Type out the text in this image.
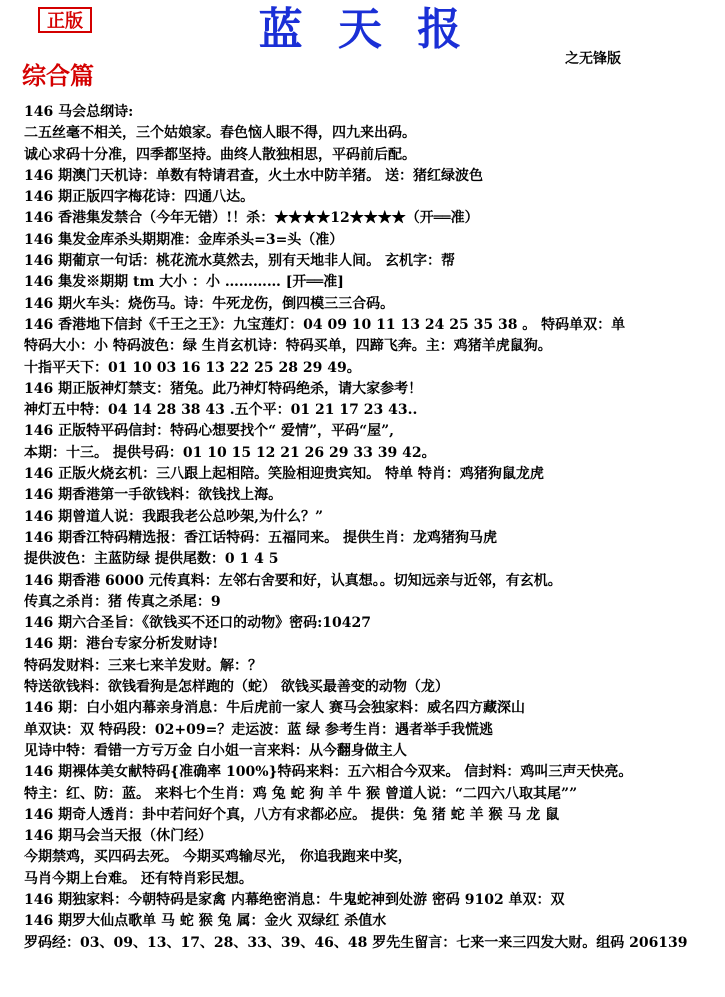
正版	蓝 天 报
之无锋版
综合篇
146 马会总纲诗:
二五丝毫不相关，三个姑娘家。春色恼人眼不得，四九来出码。
诚心求码十分准，四季都坚持。曲终人散独相思，平码前后配。
146 期澳门天机诗：单数有特请君查，火土水中防羊猪。 送：猪红绿波色
146 期正版四字梅花诗：四通八达。
146 香港集发禁合（今年无错）!！杀：★★★★12★★★★（开══准）
146 集发金库杀头期期准：金库杀头=3=头（准）
146 期葡京一句话：桃花流水莫然去，别有天地非人间。 玄机字：帮
146 集发※期期 tm 大小 ：小 ………… [开══准]
146 期火车头：烧伤马。诗：牛死龙伤，倒四模三三合码。
146 香港地下信封《千王之王》：九宝莲灯：04 09 10 11 13 24 25 35 38 。 特码单双：单
特码大小：小 特码波色：绿 生肖玄机诗：特码买单，四蹄飞奔。主：鸡猪羊虎鼠狗。
十指平天下：01 10 03 16 13 22 25 28 29 49。
146 期正版神灯禁支：猪兔。此乃神灯特码绝杀，请大家参考！
神灯五中特：04 14 28 38 43 .五个平：01 21 17 23 43..
146 正版特平码信封：特码心想要找个“ 爱情”，平码“屋”,
本期：十三。 提供号码：01 10 15 12 21 26 29 33 39 42。
146 正版火烧玄机：三八跟上起相陪。笑脸相迎贵宾知。 特单 特肖：鸡猪狗鼠龙虎
146 期香港第一手欲钱料：欲钱找上海。
146 期曾道人说：我跟我老公总吵架,为什么？”
146 期香江特码精选报：香江话特码：五福同来。 提供生肖：龙鸡猪狗马虎
提供波色：主蓝防绿 提供尾数：0 1 4 5
146 期香港 6000 元传真料：左邻右舍要和好，认真想。。切知远亲与近邻，有玄机。
传真之杀肖：猪 传真之杀尾：9
146 期六合圣旨：《欲钱买不还口的动物》密码:10427
146 期：港台专家分析发财诗!
特码发财料：三来七来羊发财。解：？
特送欲钱料：欲钱看狗是怎样跑的（蛇） 欲钱买最善变的动物（龙）
146 期：白小姐内幕亲身消息：牛后虎前一家人 赛马会独家料：威名四方藏深山
单双诀：双 特码段：02+09=？走运波：蓝 绿 参考生肖：遇者举手我慌逃
见诗中特：看错一方亏万金 白小姐一言来料：从今翻身做主人
146 期裸体美女献特码{准确率 100%}特码来料：五六相合今双来。 信封料：鸡叫三声天快亮。
特主：红、防：蓝。 来料七个生肖：鸡 兔 蛇 狗 羊 牛 猴 曾道人说：“二四六八取其尾””
146 期奇人透肖：卦中若问好个真，八方有求都必应。 提供：兔 猪 蛇 羊 猴 马 龙 鼠
146 期马会当天报（休门经）
今期禁鸡，买四码去死。 今期买鸡输尽光， 你追我跑来中奖，
马肖今期上台难。 还有特肖彩民想。
146 期独家料：今朝特码是家禽 内幕绝密消息：牛鬼蛇神到处游 密码 9102 单双：双
146 期罗大仙点歌单 马 蛇 猴 兔 属：金火 双绿红 杀值水
罗码经：03、09、13、17、28、33、39、46、48 罗先生留言：七来一来三四发大财。组码 206139
